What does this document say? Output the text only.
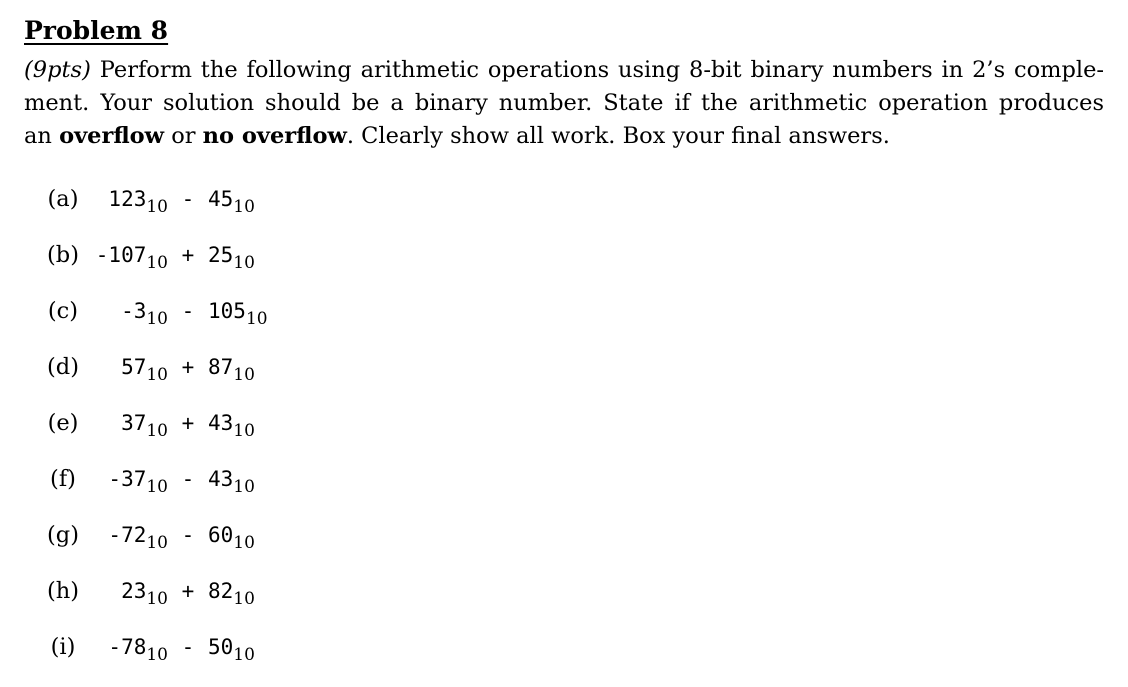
Problem 8

(9pts) Perform the following arithmetic operations using 8-bit binary numbers in 2’s comple-
ment. Your solution should be a binary number. State if the arithmetic operation produces
an overflow or no overflow. Clearly show all work. Box your final answers.

(a)	$123_{10} - 45_{10}$
(b) $-107_{10} + 25_{10}$
(c)	$-3_{10} - 105_{10}$
(d)	$57_{10} + 87_{10}$
(e)	$37_{10} + 43_{10}$
(f)	$-37_{10} - 43_{10}$
(g)	$-72_{10} - 60_{10}$
(h)	$23_{10} + 82_{10}$
(i)	$-78_{10} - 50_{10}$
